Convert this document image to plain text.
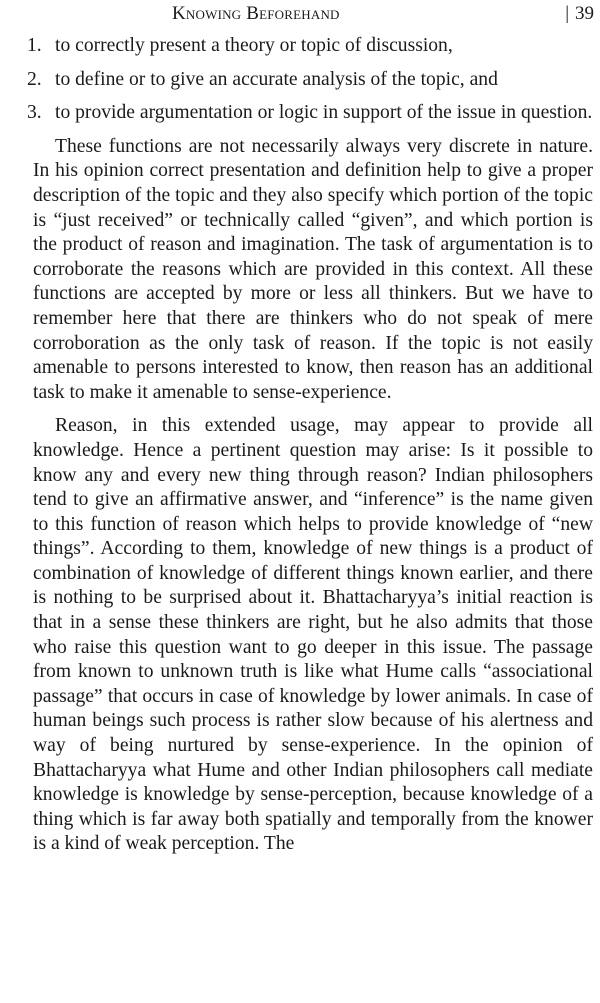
Knowing Beforehand	| 39
1. to correctly present a theory or topic of discussion,
2. to define or to give an accurate analysis of the topic, and
3. to provide argumentation or logic in support of the issue in question.

These functions are not necessarily always very discrete in nature. In his opinion correct presentation and definition help to give a proper description of the topic and they also specify which portion of the topic is “just received” or technically called “given”, and which portion is the product of reason and imagination. The task of argumentation is to corroborate the reasons which are provided in this context. All these functions are accepted by more or less all thinkers. But we have to remember here that there are thinkers who do not speak of mere corroboration as the only task of reason. If the topic is not easily amenable to persons interested to know, then reason has an additional task to make it amenable to sense-experience.

Reason, in this extended usage, may appear to provide all knowledge. Hence a pertinent question may arise: Is it possible to know any and every new thing through reason? Indian philosophers tend to give an affirmative answer, and “inference” is the name given to this function of reason which helps to provide knowledge of “new things”. According to them, knowledge of new things is a product of combination of knowledge of different things known earlier, and there is nothing to be surprised about it. Bhattacharyya’s initial reaction is that in a sense these thinkers are right, but he also admits that those who raise this question want to go deeper in this issue. The passage from known to unknown truth is like what Hume calls “associational passage” that occurs in case of knowledge by lower animals. In case of human beings such process is rather slow because of his alertness and way of being nurtured by sense-experience. In the opinion of Bhattacharyya what Hume and other Indian philosophers call mediate knowledge is knowledge by sense-perception, because knowledge of a thing which is far away both spatially and temporally from the knower is a kind of weak perception. The
